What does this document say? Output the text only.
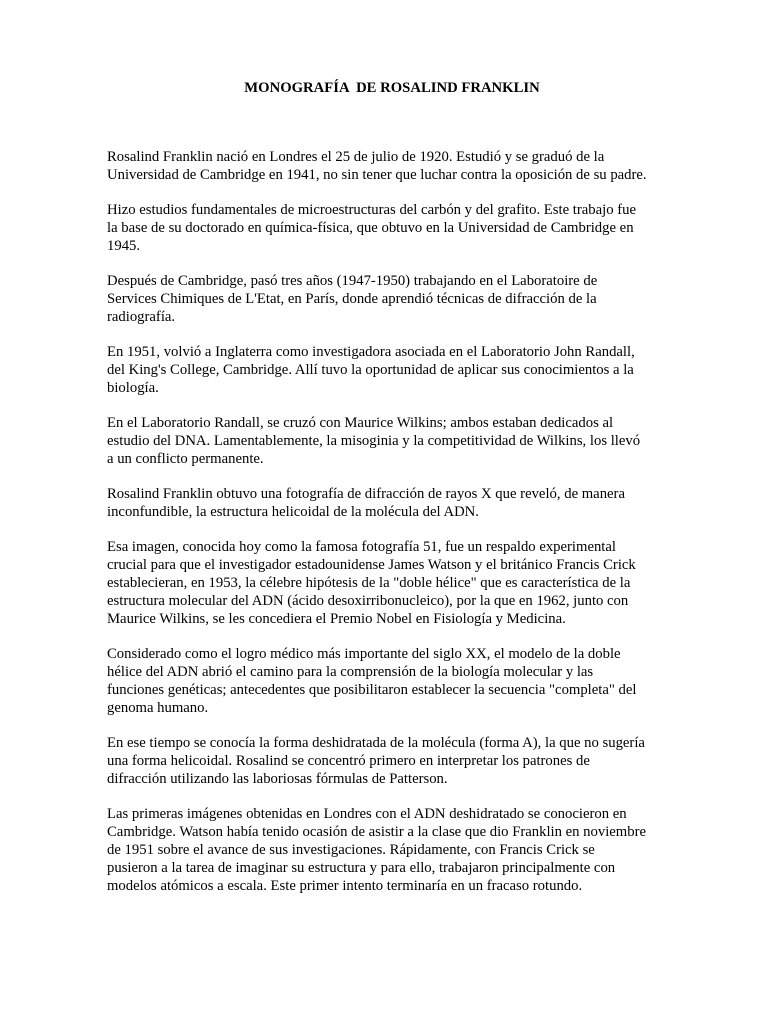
MONOGRAFÍA  DE ROSALIND FRANKLIN

Rosalind Franklin nació en Londres el 25 de julio de 1920. Estudió y se graduó de la
Universidad de Cambridge en 1941, no sin tener que luchar contra la oposición de su padre.

Hizo estudios fundamentales de microestructuras del carbón y del grafito. Este trabajo fue
la base de su doctorado en química-física, que obtuvo en la Universidad de Cambridge en
1945.

Después de Cambridge, pasó tres años (1947-1950) trabajando en el Laboratoire de
Services Chimiques de L'Etat, en París, donde aprendió técnicas de difracción de la
radiografía.

En 1951, volvió a Inglaterra como investigadora asociada en el Laboratorio John Randall,
del King's College, Cambridge. Allí tuvo la oportunidad de aplicar sus conocimientos a la
biología.

En el Laboratorio Randall, se cruzó con Maurice Wilkins; ambos estaban dedicados al
estudio del DNA. Lamentablemente, la misoginia y la competitividad de Wilkins, los llevó
a un conflicto permanente.

Rosalind Franklin obtuvo una fotografía de difracción de rayos X que reveló, de manera
inconfundible, la estructura helicoidal de la molécula del ADN.

Esa imagen, conocida hoy como la famosa fotografía 51, fue un respaldo experimental
crucial para que el investigador estadounidense James Watson y el británico Francis Crick
establecieran, en 1953, la célebre hipótesis de la "doble hélice" que es característica de la
estructura molecular del ADN (ácido desoxirribonucleico), por la que en 1962, junto con
Maurice Wilkins, se les concediera el Premio Nobel en Fisiología y Medicina.

Considerado como el logro médico más importante del siglo XX, el modelo de la doble
hélice del ADN abrió el camino para la comprensión de la biología molecular y las
funciones genéticas; antecedentes que posibilitaron establecer la secuencia "completa" del
genoma humano.

En ese tiempo se conocía la forma deshidratada de la molécula (forma A), la que no sugería
una forma helicoidal. Rosalind se concentró primero en interpretar los patrones de
difracción utilizando las laboriosas fórmulas de Patterson.

Las primeras imágenes obtenidas en Londres con el ADN deshidratado se conocieron en
Cambridge. Watson había tenido ocasión de asistir a la clase que dio Franklin en noviembre
de 1951 sobre el avance de sus investigaciones. Rápidamente, con Francis Crick se
pusieron a la tarea de imaginar su estructura y para ello, trabajaron principalmente con
modelos atómicos a escala. Este primer intento terminaría en un fracaso rotundo.
